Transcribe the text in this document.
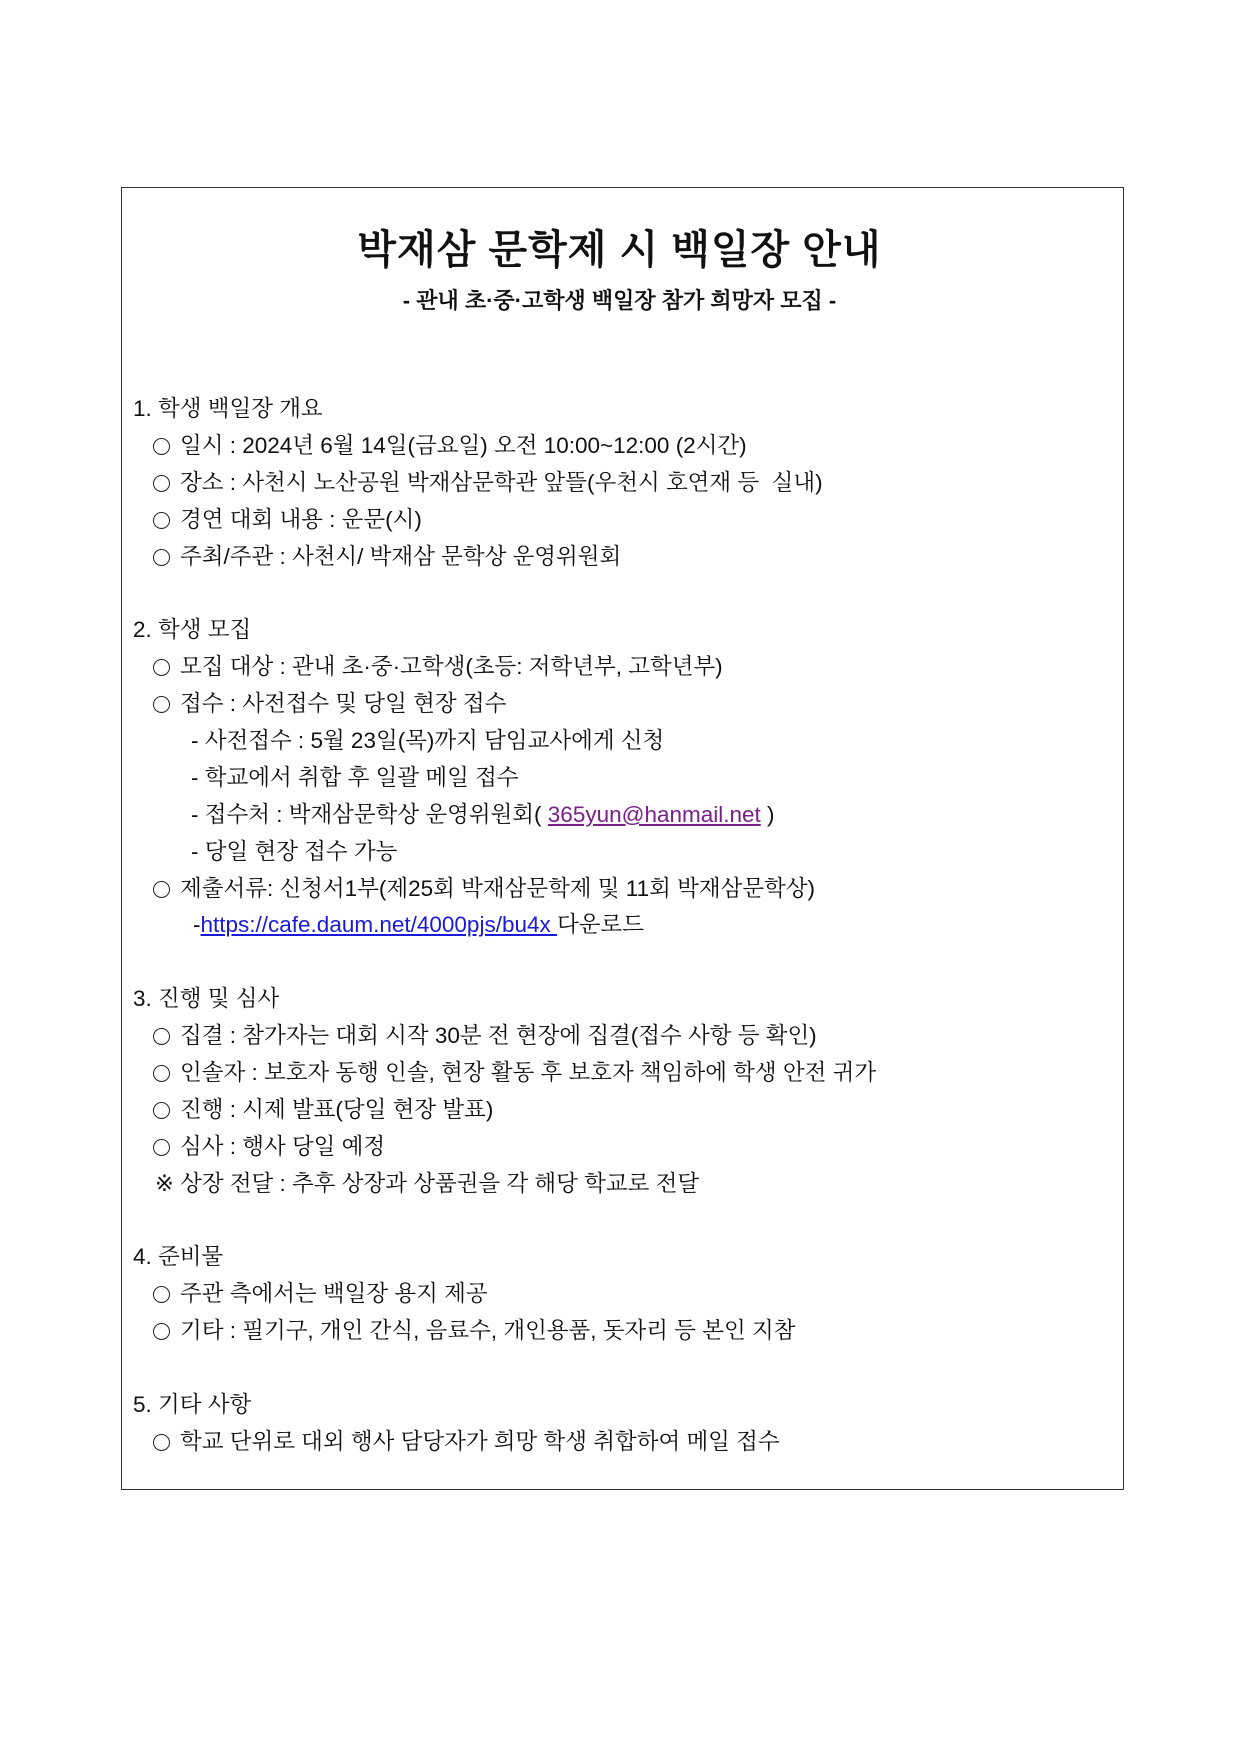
박재삼 문학제 시 백일장 안내
- 관내 초·중·고학생 백일장 참가 희망자 모집 -
1. 학생 백일장 개요
일시 : 2024년 6월 14일(금요일) 오전 10:00~12:00 (2시간)
장소 : 사천시 노산공원 박재삼문학관 앞뜰(우천시 호연재 등  실내)
경연 대회 내용 : 운문(시)
주최/주관 : 사천시/ 박재삼 문학상 운영위원회
2. 학생 모집
모집 대상 : 관내 초·중·고학생(초등: 저학년부, 고학년부)
접수 : 사전접수 및 당일 현장 접수
- 사전접수 : 5월 23일(목)까지 담임교사에게 신청
- 학교에서 취합 후 일괄 메일 접수
- 접수처 : 박재삼문학상 운영위원회( 365yun@hanmail.net )
- 당일 현장 접수 가능
제출서류: 신청서1부(제25회 박재삼문학제 및 11회 박재삼문학상)
-https://cafe.daum.net/4000pjs/bu4x 다운로드
3. 진행 및 심사
집결 : 참가자는 대회 시작 30분 전 현장에 집결(접수 사항 등 확인)
인솔자 : 보호자 동행 인솔, 현장 활동 후 보호자 책임하에 학생 안전 귀가
진행 : 시제 발표(당일 현장 발표)
심사 : 행사 당일 예정
※ 상장 전달 : 추후 상장과 상품권을 각 해당 학교로 전달
4. 준비물
주관 측에서는 백일장 용지 제공
기타 : 필기구, 개인 간식, 음료수, 개인용품, 돗자리 등 본인 지참
5. 기타 사항
학교 단위로 대외 행사 담당자가 희망 학생 취합하여 메일 접수
